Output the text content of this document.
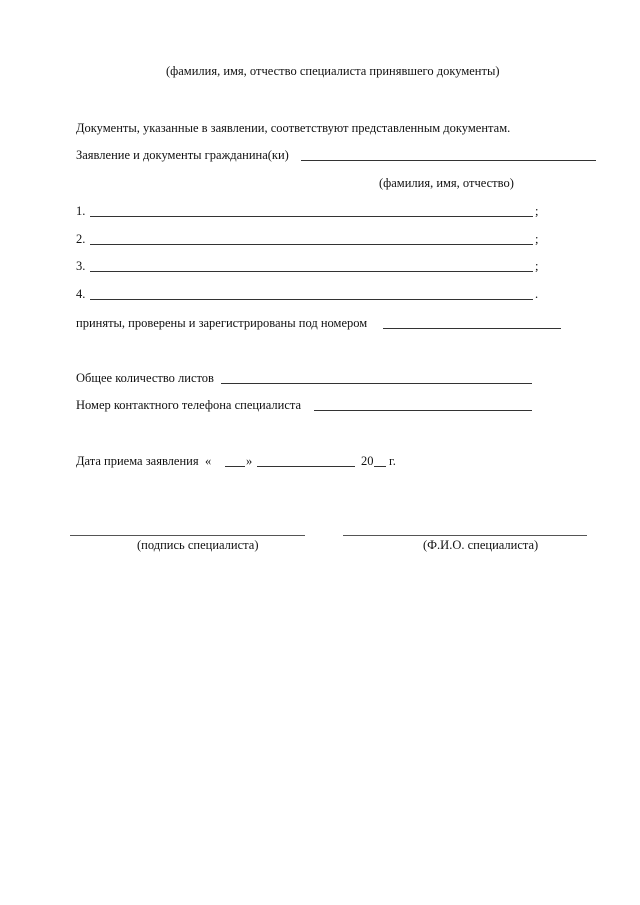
(фамилия, имя, отчество специалиста принявшего документы)
Документы, указанные в заявлении, соответствуют представленным документам.
Заявление и документы гражданина(ки)
(фамилия, имя, отчество)
1.	;
2.	;
3.	;
4.	.
приняты, проверены и зарегистрированы под номером
Общее количество листов
Номер контактного телефона специалиста
Дата приема заявления «	»	20 г.
(подпись специалиста)	(Ф.И.О. специалиста)
